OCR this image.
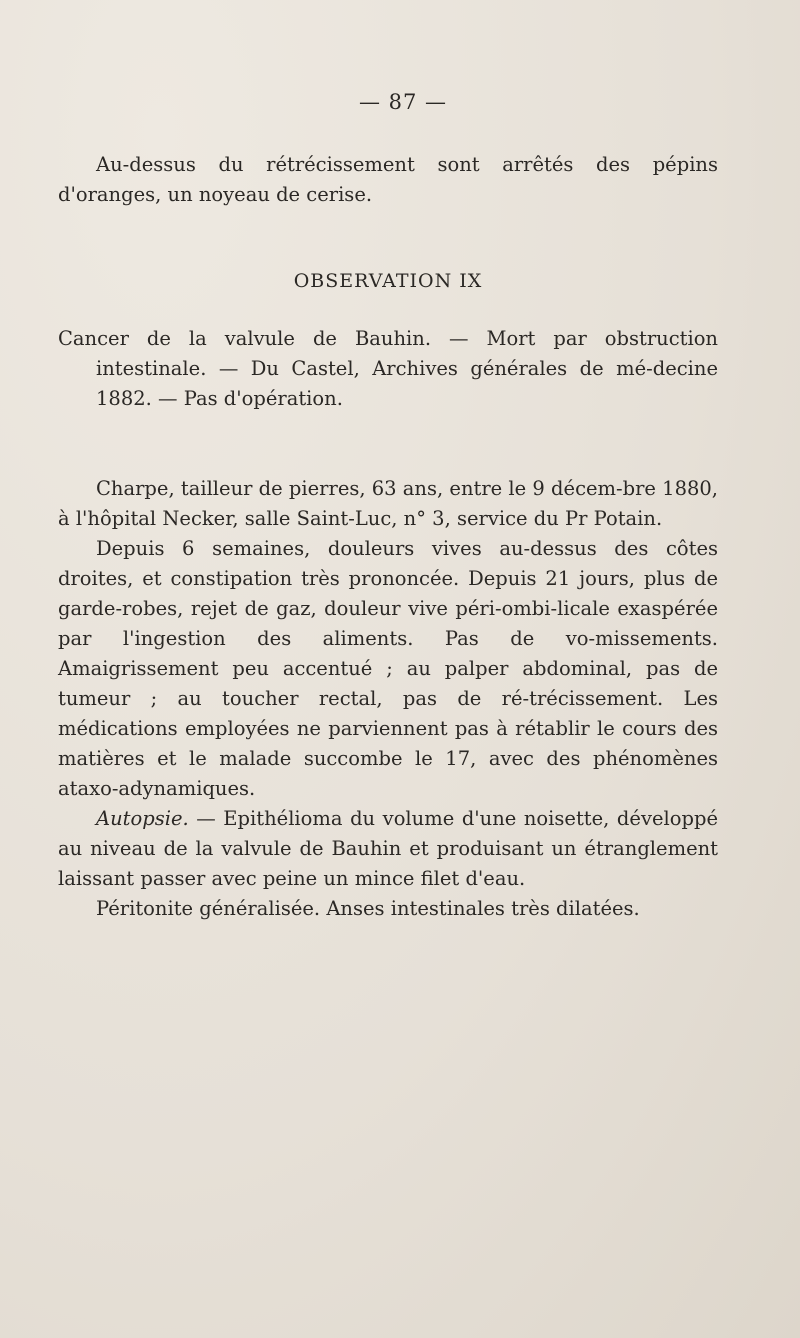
— 87 —

Au-dessus du rétrécissement sont arrêtés des pépins d'oranges, un noyeau de cerise.

OBSERVATION IX

Cancer de la valvule de Bauhin. — Mort par obstruction intestinale. — Du Castel, Archives générales de mé-decine 1882. — Pas d'opération.

Charpe, tailleur de pierres, 63 ans, entre le 9 décem-bre 1880, à l'hôpital Necker, salle Saint-Luc, n° 3, service du Pr Potain.

Depuis 6 semaines, douleurs vives au-dessus des côtes droites, et constipation très prononcée. Depuis 21 jours, plus de garde-robes, rejet de gaz, douleur vive péri-ombi-licale exaspérée par l'ingestion des aliments. Pas de vo-missements. Amaigrissement peu accentué ; au palper abdominal, pas de tumeur ; au toucher rectal, pas de ré-trécissement. Les médications employées ne parviennent pas à rétablir le cours des matières et le malade succombe le 17, avec des phénomènes ataxo-adynamiques.

Autopsie. — Epithélioma du volume d'une noisette, développé au niveau de la valvule de Bauhin et produisant un étranglement laissant passer avec peine un mince filet d'eau.

Péritonite généralisée. Anses intestinales très dilatées.
